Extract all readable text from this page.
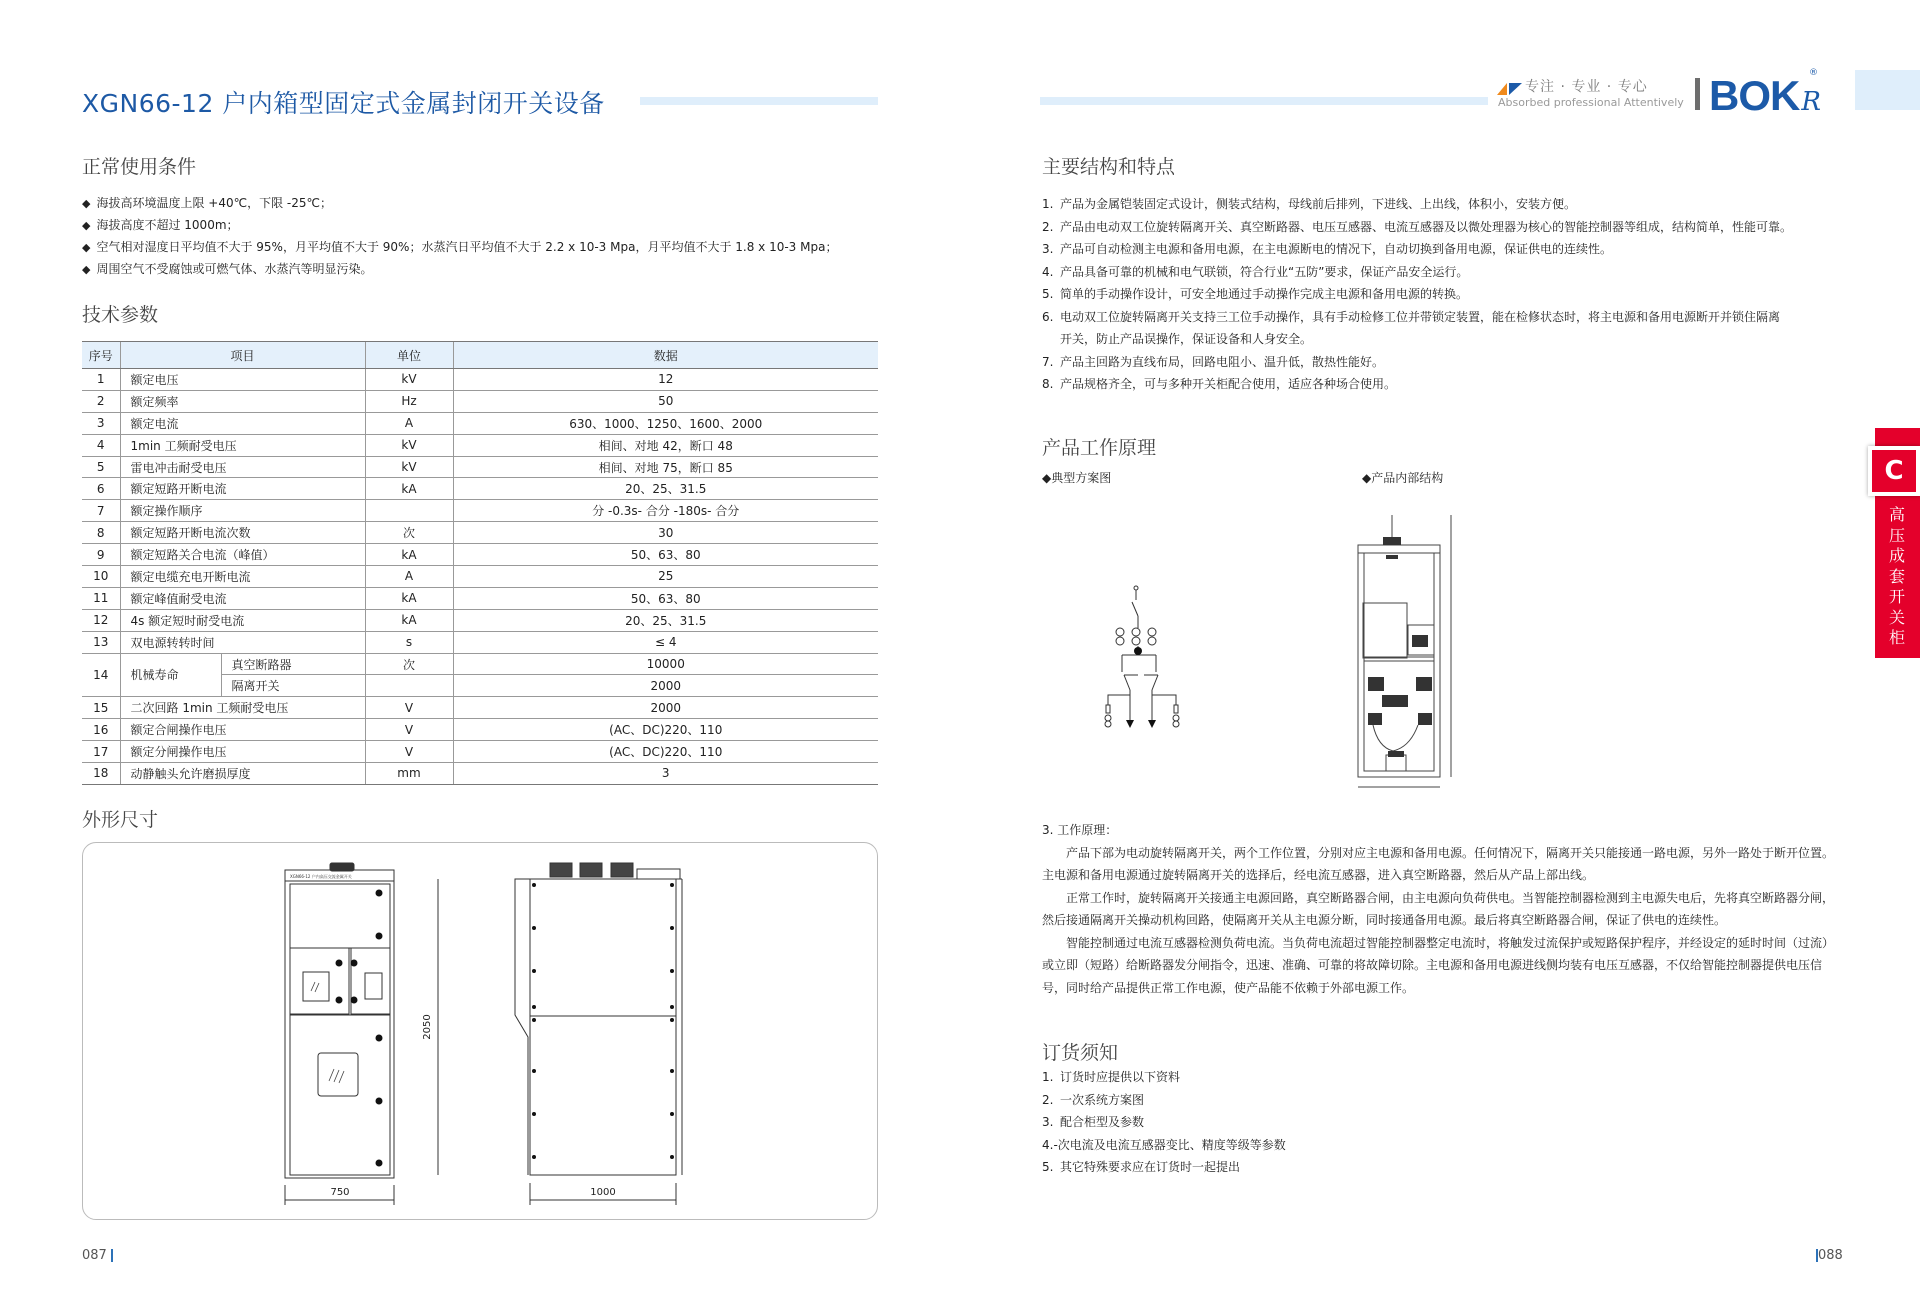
XGN66-12 户内箱型固定式金属封闭开关设备
正常使用条件
◆ 海拔高环境温度上限 +40℃，下限 -25℃；
◆ 海拔高度不超过 1000m；
◆ 空气相对湿度日平均值不大于 95%，月平均值不大于 90%；水蒸汽日平均值不大于 2.2 x 10-3 Mpa，月平均值不大于 1.8 x 10-3 Mpa；
◆ 周围空气不受腐蚀或可燃气体、水蒸汽等明显污染。
技术参数
序号	项目		单位	数据
1	额定电压		kV	12
2	额定频率		Hz	50
3	额定电流		A	630、1000、1250、1600、2000
4	1min 工频耐受电压		kV	相间、对地 42，断口 48
5	雷电冲击耐受电压		kV	相间、对地 75，断口 85
6	额定短路开断电流		kA	20、25、31.5
7	额定操作顺序			分 -0.3s- 合分 -180s- 合分
8	额定短路开断电流次数		次	30
9	额定短路关合电流（峰值）		kA	50、63、80
10	额定电缆充电开断电流		A	25
11	额定峰值耐受电流		kA	50、63、80
12	4s 额定短时耐受电流		kA	20、25、31.5
13	双电源转转时间		s	≤ 4
14	机械寿命	真空断路器	次	10000
		隔离开关		2000
15	二次回路 1min 工频耐受电压		V	2000
16	额定合闸操作电压		V	(AC、DC)220、110
17	额定分闸操作电压		V	(AC、DC)220、110
18	动静触头允许磨损厚度		mm	3
外形尺寸
XGN66-12 户内高压交流金属开关
750
2050
1000
087
专注 · 专业 · 专心
Absorbed professional Attentively BOKR
®
主要结构和特点
1. 产品为金属铠装固定式设计，侧装式结构，母线前后排列，下进线、上出线，体积小，安装方便。
2. 产品由电动双工位旋转隔离开关、真空断路器、电压互感器、电流互感器及以微处理器为核心的智能控制器等组成，结构简单，性能可靠。
3. 产品可自动检测主电源和备用电源，在主电源断电的情况下，自动切换到备用电源，保证供电的连续性。
4. 产品具备可靠的机械和电气联锁，符合行业“五防”要求，保证产品安全运行。
5. 简单的手动操作设计，可安全地通过手动操作完成主电源和备用电源的转换。
6. 电动双工位旋转隔离开关支持三工位手动操作，具有手动检修工位并带锁定装置，能在检修状态时，将主电源和备用电源断开并锁住隔离
开关，防止产品误操作，保证设备和人身安全。
7. 产品主回路为直线布局，回路电阻小、温升低，散热性能好。
8. 产品规格齐全，可与多种开关柜配合使用，适应各种场合使用。
产品工作原理
◆典型方案图	◆产品内部结构
3. 工作原理：

产品下部为电动旋转隔离开关，两个工作位置，分别对应主电源和备用电源。任何情况下，隔离开关只能接通一路电源，另外一路处于断开位置。主电源和备用电源通过旋转隔离开关的选择后，经电流互感器，进入真空断路器，然后从产品上部出线。

正常工作时，旋转隔离开关接通主电源回路，真空断路器合闸，由主电源向负荷供电。当智能控制器检测到主电源失电后，先将真空断路器分闸，然后接通隔离开关操动机构回路，使隔离开关从主电源分断，同时接通备用电源。最后将真空断路器合闸，保证了供电的连续性。

智能控制通过电流互感器检测负荷电流。当负荷电流超过智能控制器整定电流时，将触发过流保护或短路保护程序，并经设定的延时时间（过流）或立即（短路）给断路器发分闸指令，迅速、准确、可靠的将故障切除。主电源和备用电源进线侧均装有电压互感器，不仅给智能控制器提供电压信号，同时给产品提供正常工作电源，使产品能不依赖于外部电源工作。

订货须知
1. 订货时应提供以下资料
2. 一次系统方案图
3. 配合柜型及参数
4.-次电流及电流互感器变比、精度等级等参数
5. 其它特殊要求应在订货时一起提出
C
高压成套开关柜
088
